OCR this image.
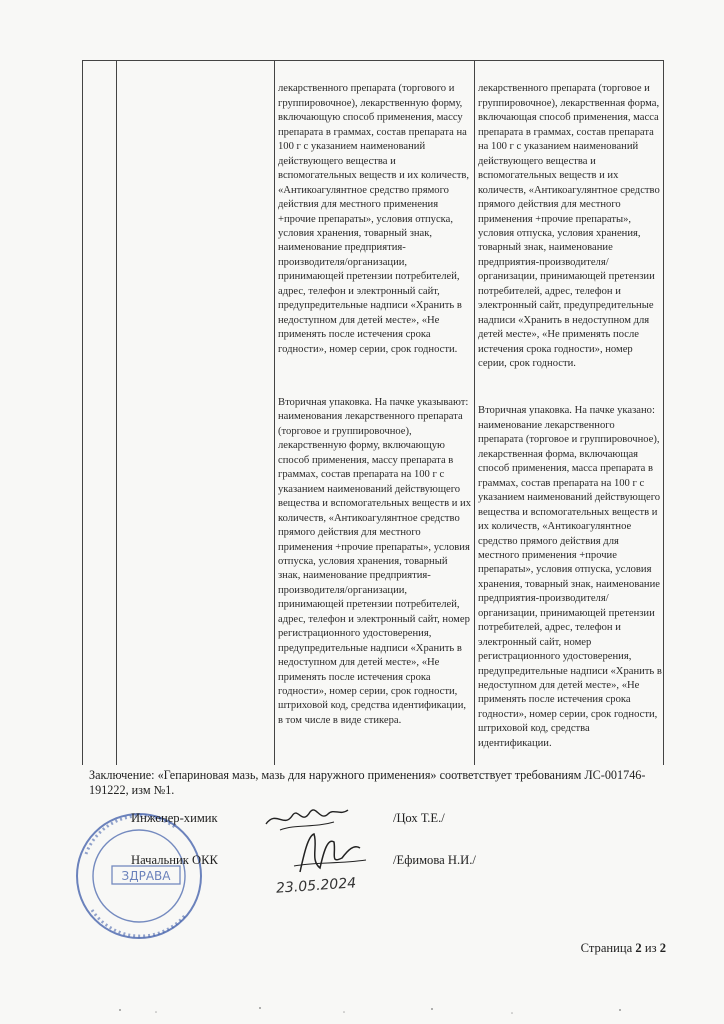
лекарственного препарата (торгового и группировочное), лекарственную форму, включающую способ применения, массу препарата в граммах, состав препарата на 100 г с указанием наименований действующего вещества и вспомогательных веществ и их количеств, «Антикоагулянтное средство прямого действия для местного применения +прочие препараты», условия отпуска, условия хранения, товарный знак, наименование предприятия-производителя/организации, принимающей претензии потребителей, адрес, телефон и электронный сайт, предупредительные надписи «Хранить в недоступном для детей месте», «Не применять после истечения срока годности», номер серии, срок годности.

Вторичная упаковка. На пачке указывают: наименования лекарственного препарата (торговое и группировочное), лекарственную форму, включающую способ применения, массу препарата в граммах, состав препарата на 100 г с указанием наименований действующего вещества и вспомогательных веществ и их количеств, «Антикоагулянтное средство прямого действия для местного применения +прочие препараты», условия отпуска, условия хранения, товарный знак, наименование предприятия-производителя/организации, принимающей претензии потребителей, адрес, телефон и электронный сайт, номер регистрационного удостоверения, предупредительные надписи «Хранить в недоступном для детей месте», «Не применять после истечения срока годности», номер серии, срок годности, штриховой код, средства идентификации, в том числе в виде стикера.

лекарственного препарата (торговое и группировочное), лекарственная форма, включающая способ применения, масса препарата в граммах, состав препарата на 100 г с указанием наименований действующего вещества и вспомогательных веществ и их количеств, «Антикоагулянтное средство прямого действия для местного применения +прочие препараты», условия отпуска, условия хранения, товарный знак, наименование предприятия-производителя/организации, принимающей претензии потребителей, адрес, телефон и электронный сайт, предупредительные надписи «Хранить в недоступном для детей месте», «Не применять после истечения срока годности», номер серии, срок годности.

Вторичная упаковка. На пачке указано: наименование лекарственного препарата (торговое и группировочное), лекарственная форма, включающая способ применения, масса препарата в граммах, состав препарата на 100 г с указанием наименований действующего вещества и вспомогательных веществ и их количеств, «Антикоагулянтное средство прямого действия для местного применения +прочие препараты», условия отпуска, условия хранения, товарный знак, наименование предприятия-производителя/организации, принимающей претензии потребителей, адрес, телефон и электронный сайт, номер регистрационного удостоверения, предупредительные надписи «Хранить в недоступном для детей месте», «Не применять после истечения срока годности», номер серии, срок годности, штриховой код, средства идентификации.

Заключение: «Гепариновая мазь, мазь для наружного применения» соответствует требованиям ЛС-001746-191222, изм №1.
ЗДРАВА
Инженер-химик	/Цох Т.Е./
Начальник ОКК	/Ефимова Н.И./
23.05.2024
Страница 2 из 2
